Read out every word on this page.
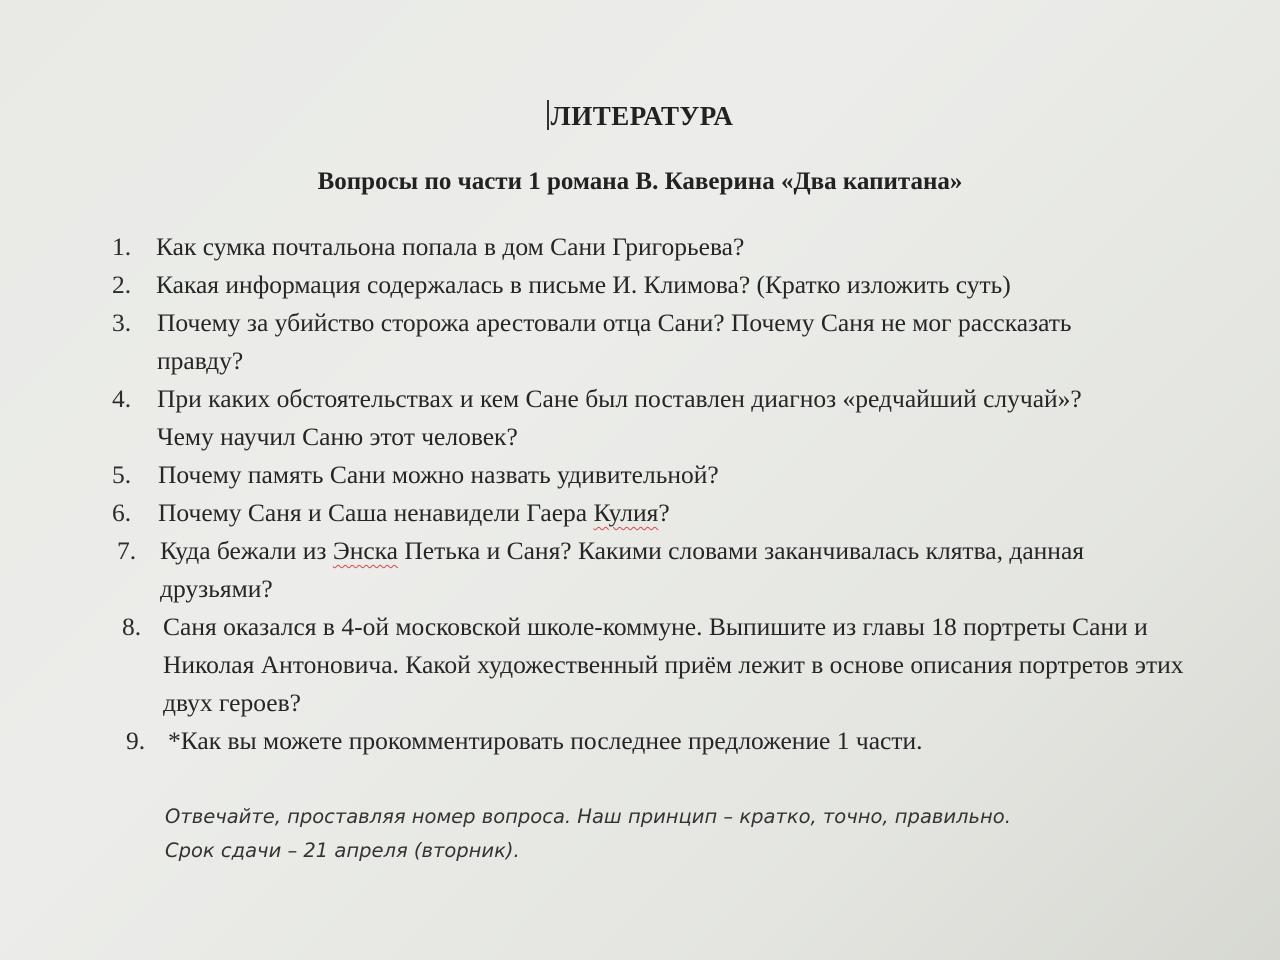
ЛИТЕРАТУРА
Вопросы по части 1 романа В. Каверина «Два капитана»
1. Как сумка почтальона попала в дом Сани Григорьева?
2. Какая информация содержалась в письме И. Климова? (Кратко изложить суть)
3. Почему за убийство сторожа арестовали отца Сани? Почему Саня не мог рассказать правду?
4. При каких обстоятельствах и кем Сане был поставлен диагноз «редчайший случай»? Чему научил Саню этот человек?
5. Почему память Сани можно назвать удивительной?
6. Почему Саня и Саша ненавидели Гаера Кулия?
7. Куда бежали из Энска Петька и Саня? Какими словами заканчивалась клятва, данная друзьями?
8. Саня оказался в 4-ой московской школе-коммуне. Выпишите из главы 18 портреты Сани и Николая Антоновича. Какой художественный приём лежит в основе описания портретов этих двух героев?
9. *Как вы можете прокомментировать последнее предложение 1 части.
Отвечайте, проставляя номер вопроса. Наш принцип – кратко, точно, правильно.
Срок сдачи – 21 апреля (вторник).
